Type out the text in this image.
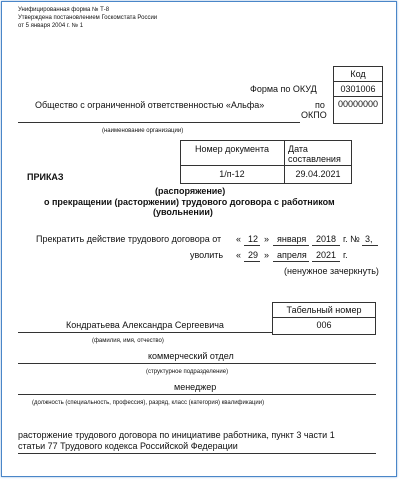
Унифицированная форма № Т-8
Утверждена постановлением Госкомстата России
от 5 января 2004 г. № 1
Код
0301006
00000000
Форма по ОКУД
по
ОКПО
Общество с ограниченной ответственностью «Альфа»
(наименование организации)
Номер документа	Дата
составления
1/п-12	29.04.2021
ПРИКАЗ
(распоряжение)
о прекращении (расторжении) трудового договора с работником
(увольнении)
Прекратить действие трудового договора от « 12 » января 2018 г. № 3,
уволить « 29 » апреля 2021 г.
(ненужное зачеркнуть)
Табельный номер
006
Кондратьева Александра Сергеевича
(фамилия, имя, отчество)
коммерческий отдел
(структурное подразделение)
менеджер
(должность (специальность, профессия), разряд, класс (категория) квалификации)
расторжение трудового договора по инициативе работника, пункт 3 части 1
статьи 77 Трудового кодекса Российской Федерации
